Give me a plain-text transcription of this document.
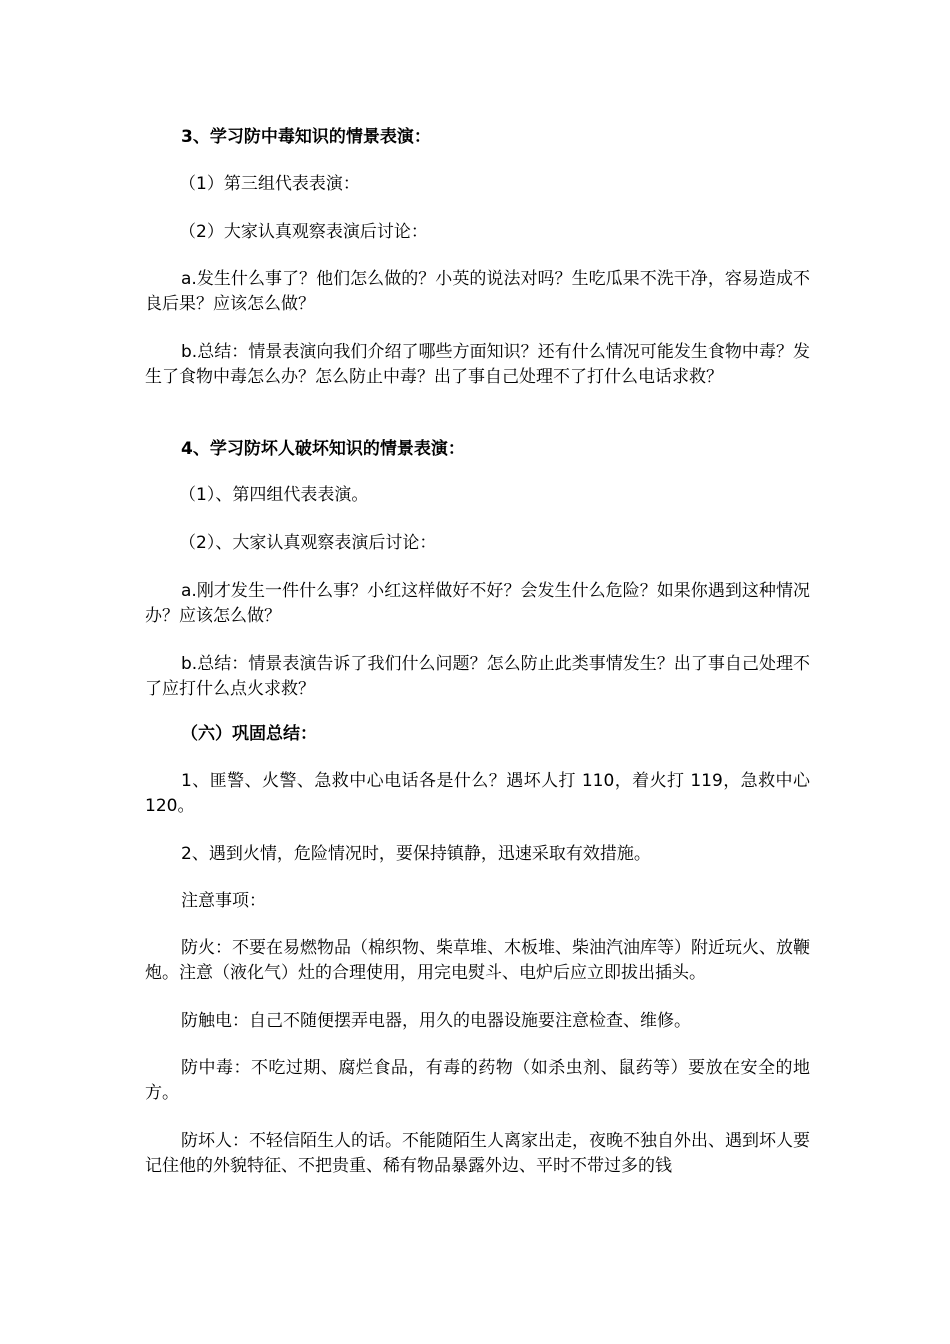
3、学习防中毒知识的情景表演：

（1）第三组代表表演：

（2）大家认真观察表演后讨论：

a.发生什么事了？他们怎么做的？小英的说法对吗？生吃瓜果不洗干净，容易造成不良后果？应该怎么做？

b.总结：情景表演向我们介绍了哪些方面知识？还有什么情况可能发生食物中毒？发生了食物中毒怎么办？怎么防止中毒？出了事自己处理不了打什么电话求救？

4、学习防坏人破坏知识的情景表演：

（1）、第四组代表表演。

（2）、大家认真观察表演后讨论：

a.刚才发生一件什么事？小红这样做好不好？会发生什么危险？如果你遇到这种情况办？应该怎么做？

b.总结：情景表演告诉了我们什么问题？怎么防止此类事情发生？出了事自己处理不了应打什么点火求救？

（六）巩固总结：

1、匪警、火警、急救中心电话各是什么？遇坏人打 110，着火打 119，急救中心 120。

2、遇到火情，危险情况时，要保持镇静，迅速采取有效措施。

注意事项：

防火：不要在易燃物品（棉织物、柴草堆、木板堆、柴油汽油库等）附近玩火、放鞭炮。注意（液化气）灶的合理使用，用完电熨斗、电炉后应立即拔出插头。

防触电：自己不随便摆弄电器，用久的电器设施要注意检查、维修。

防中毒：不吃过期、腐烂食品，有毒的药物（如杀虫剂、鼠药等）要放在安全的地方。

防坏人：不轻信陌生人的话。不能随陌生人离家出走，夜晚不独自外出、遇到坏人要记住他的外貌特征、不把贵重、稀有物品暴露外边、平时不带过多的钱
